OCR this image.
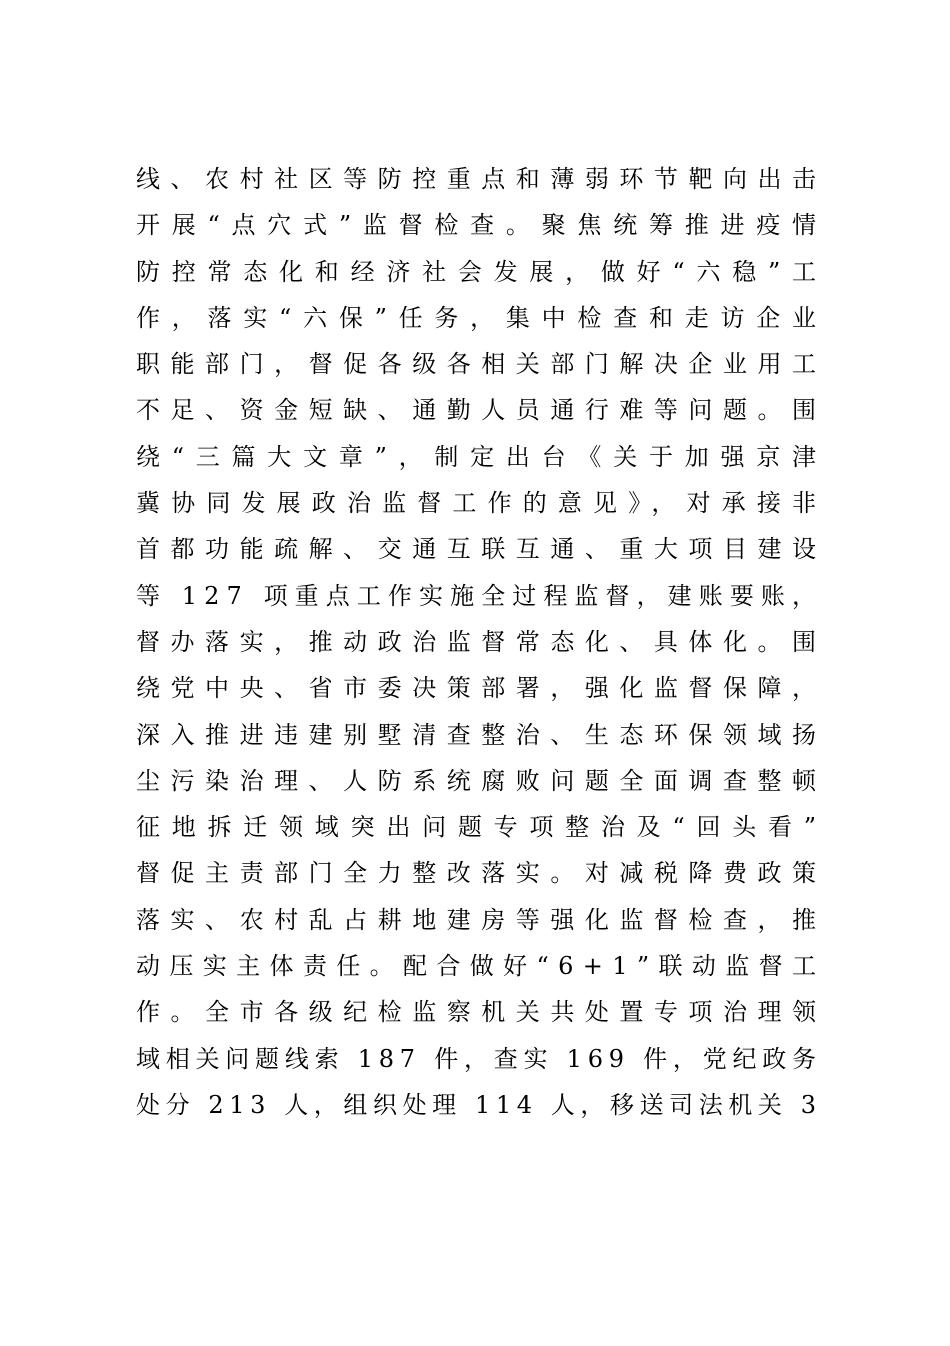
线、农村社区等防控重点和薄弱环节靶向出击
开展“点穴式”监督检查。聚焦统筹推进疫情
防控常态化和经济社会发展，做好“六稳”工
作，落实“六保”任务，集中检查和走访企业
职能部门，督促各级各相关部门解决企业用工
不足、资金短缺、通勤人员通行难等问题。围
绕“三篇大文章”，制定出台《关于加强京津
冀协同发展政治监督工作的意见》，对承接非
首都功能疏解、交通互联互通、重大项目建设
等 127 项重点工作实施全过程监督，建账要账，
督办落实，推动政治监督常态化、具体化。围
绕党中央、省市委决策部署，强化监督保障，
深入推进违建别墅清查整治、生态环保领域扬
尘污染治理、人防系统腐败问题全面调查整顿
征地拆迁领域突出问题专项整治及“回头看”
督促主责部门全力整改落实。对减税降费政策
落实、农村乱占耕地建房等强化监督检查，推
动压实主体责任。配合做好“6+1”联动监督工
作。全市各级纪检监察机关共处置专项治理领
域相关问题线索 187 件，查实 169 件，党纪政务
处分 213 人，组织处理 114 人，移送司法机关 3
